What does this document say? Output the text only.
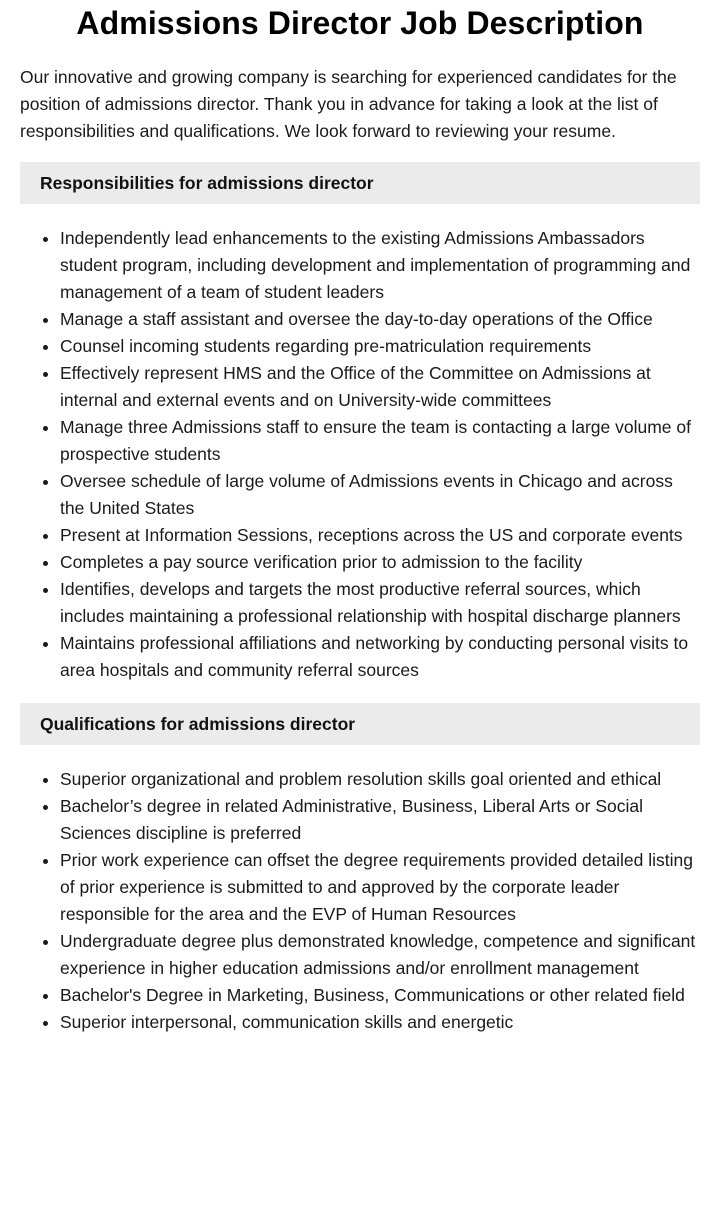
Admissions Director Job Description

Our innovative and growing company is searching for experienced candidates for the position of admissions director. Thank you in advance for taking a look at the list of responsibilities and qualifications. We look forward to reviewing your resume.

Responsibilities for admissions director
• Independently lead enhancements to the existing Admissions Ambassadors student program, including development and implementation of programming and management of a team of student leaders
• Manage a staff assistant and oversee the day-to-day operations of the Office
• Counsel incoming students regarding pre-matriculation requirements
• Effectively represent HMS and the Office of the Committee on Admissions at internal and external events and on University-wide committees
• Manage three Admissions staff to ensure the team is contacting a large volume of prospective students
• Oversee schedule of large volume of Admissions events in Chicago and across the United States
• Present at Information Sessions, receptions across the US and corporate events
• Completes a pay source verification prior to admission to the facility
• Identifies, develops and targets the most productive referral sources, which includes maintaining a professional relationship with hospital discharge planners
• Maintains professional affiliations and networking by conducting personal visits to area hospitals and community referral sources
Qualifications for admissions director
• Superior organizational and problem resolution skills goal oriented and ethical
• Bachelor’s degree in related Administrative, Business, Liberal Arts or Social Sciences discipline is preferred
• Prior work experience can offset the degree requirements provided detailed listing of prior experience is submitted to and approved by the corporate leader responsible for the area and the EVP of Human Resources
• Undergraduate degree plus demonstrated knowledge, competence and significant experience in higher education admissions and/or enrollment management
• Bachelor's Degree in Marketing, Business, Communications or other related field
• Superior interpersonal, communication skills and energetic
